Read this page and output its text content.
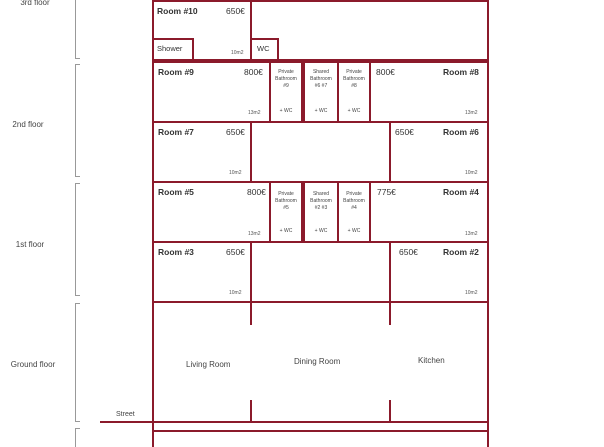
3rd floor
2nd floor
1st floor
Ground floor
Street
Room #10	650€
10m2
Shower	WC
Room #9	800€
13m2
800€	Room #8
13m2
Private
Bathroom
#9
+ WC
Shared
Bathroom
#6 #7
+ WC
Private
Bathroom
#8
+ WC
Room #7	650€
10m2
650€	Room #6
10m2
Room #5	800€
13m2
775€	Room #4
13m2
Private
Bathroom
#5
+ WC
Shared
Bathroom
#2 #3
+ WC
Private
Bathroom
#4
+ WC
Room #3	650€
10m2
650€	Room #2
10m2
Living Room	Dining Room	Kitchen
